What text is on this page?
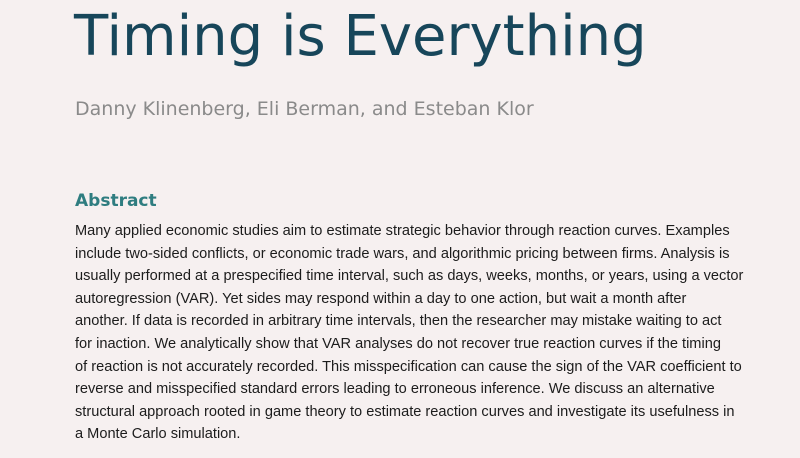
Timing is Everything

Danny Klinenberg, Eli Berman, and Esteban Klor

Abstract

Many applied economic studies aim to estimate strategic behavior through reaction curves. Examples
include two-sided conflicts, or economic trade wars, and algorithmic pricing between firms. Analysis is
usually performed at a prespecified time interval, such as days, weeks, months, or years, using a vector
autoregression (VAR). Yet sides may respond within a day to one action, but wait a month after
another. If data is recorded in arbitrary time intervals, then the researcher may mistake waiting to act
for inaction. We analytically show that VAR analyses do not recover true reaction curves if the timing
of reaction is not accurately recorded. This misspecification can cause the sign of the VAR coefficient to
reverse and misspecified standard errors leading to erroneous inference. We discuss an alternative
structural approach rooted in game theory to estimate reaction curves and investigate its usefulness in
a Monte Carlo simulation.
